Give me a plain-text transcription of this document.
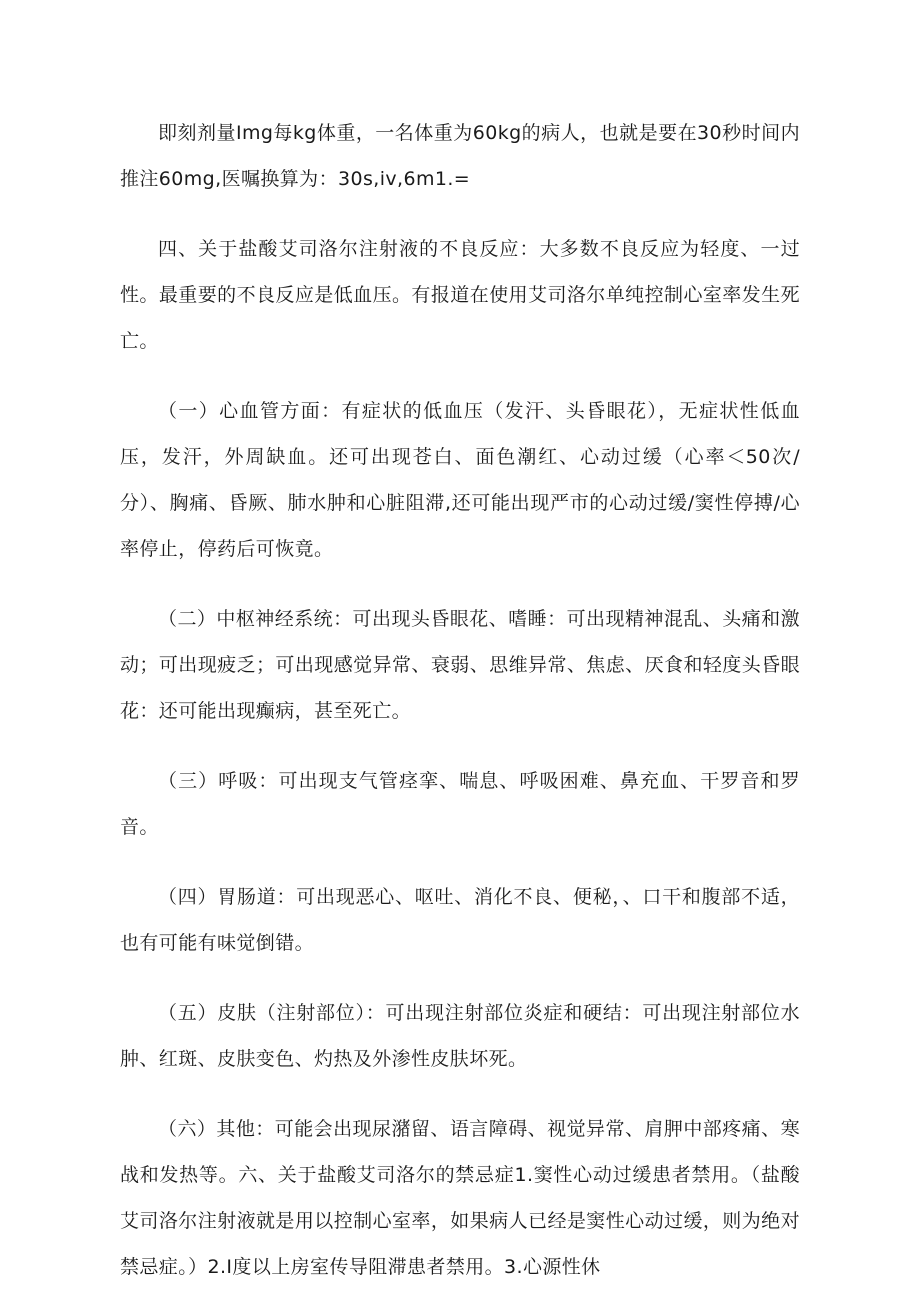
即刻剂量Img每kg体重，一名体重为60kg的病人，也就是要在30秒时间内推注60mg,医嘱换算为：30s,iv,6m1.=

四、关于盐酸艾司洛尔注射液的不良反应：大多数不良反应为轻度、一过性。最重要的不良反应是低血压。有报道在使用艾司洛尔单纯控制心室率发生死亡。

（一）心血管方面：有症状的低血压（发汗、头昏眼花），无症状性低血压，发汗，外周缺血。还可出现苍白、面色潮红、心动过缓（心率＜50次/分）、胸痛、昏厥、肺水肿和心脏阻滞,还可能出现严市的心动过缓/窦性停搏/心率停止，停药后可恢竟。

（二）中枢神经系统：可出现头昏眼花、嗜睡：可出现精神混乱、头痛和激动；可出现疲乏；可出现感觉异常、衰弱、思维异常、焦虑、厌食和轻度头昏眼花：还可能出现癫病，甚至死亡。

（三）呼吸：可出现支气管痉挛、喘息、呼吸困难、鼻充血、干罗音和罗音。

（四）胃肠道：可出现恶心、呕吐、消化不良、便秘，、口干和腹部不适，也有可能有味觉倒错。

（五）皮肤（注射部位）：可出现注射部位炎症和硬结：可出现注射部位水肿、红斑、皮肤变色、灼热及外渗性皮肤坏死。

（六）其他：可能会出现尿潴留、语言障碍、视觉异常、肩胛中部疼痛、寒战和发热等。六、关于盐酸艾司洛尔的禁忌症1.窦性心动过缓患者禁用。（盐酸艾司洛尔注射液就是用以控制心室率，如果病人已经是窦性心动过缓，则为绝对禁忌症。）2.I度以上房室传导阻滞患者禁用。3.心源性休
